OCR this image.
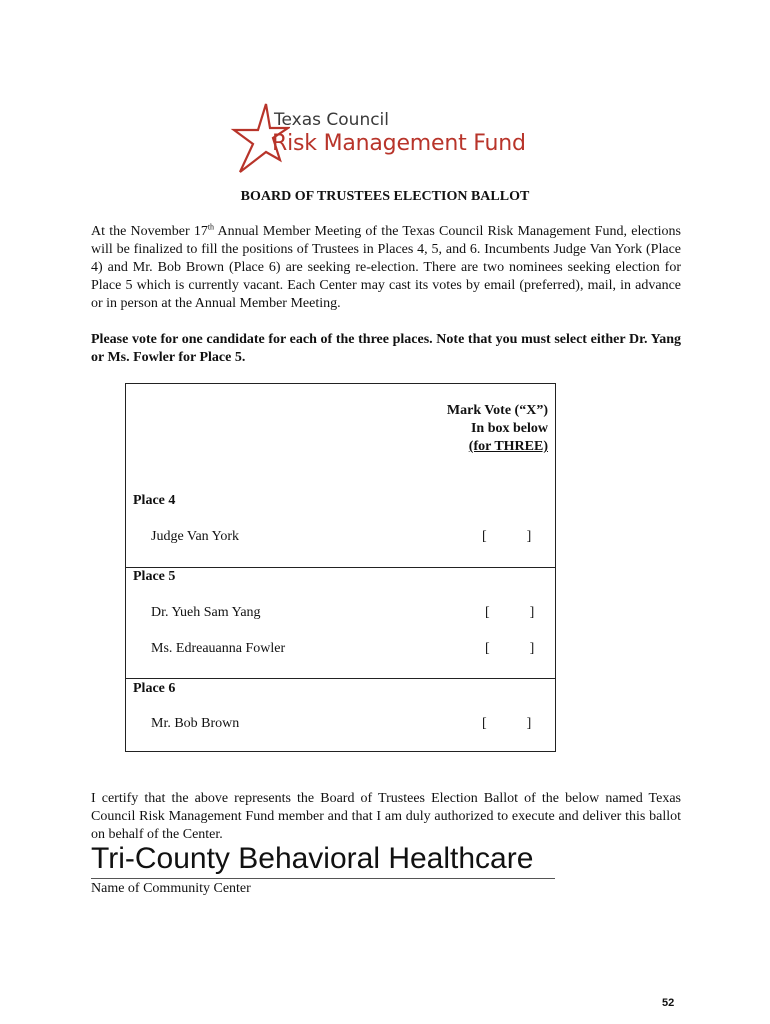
Texas Council
Risk Management Fund
BOARD OF TRUSTEES ELECTION BALLOT
At the November 17th Annual Member Meeting of the Texas Council Risk Management Fund, elections will be finalized to fill the positions of Trustees in Places 4, 5, and 6. Incumbents Judge Van York (Place 4) and Mr. Bob Brown (Place 6) are seeking re-election. There are two nominees seeking election for Place 5 which is currently vacant. Each Center may cast its votes by email (preferred), mail, in advance or in person at the Annual Member Meeting.
Please vote for one candidate for each of the three places. Note that you must select either Dr. Yang or Ms. Fowler for Place 5.
Mark Vote (“X”)
In box below
(for THREE)
Place 4
Judge Van York	[	]
Place 5
Dr. Yueh Sam Yang	[	]
Ms. Edreauanna Fowler	[	]
Place 6
Mr. Bob Brown	[	]
I certify that the above represents the Board of Trustees Election Ballot of the below named Texas Council Risk Management Fund member and that I am duly authorized to execute and deliver this ballot on behalf of the Center.
Tri-County Behavioral Healthcare
Name of Community Center
52
